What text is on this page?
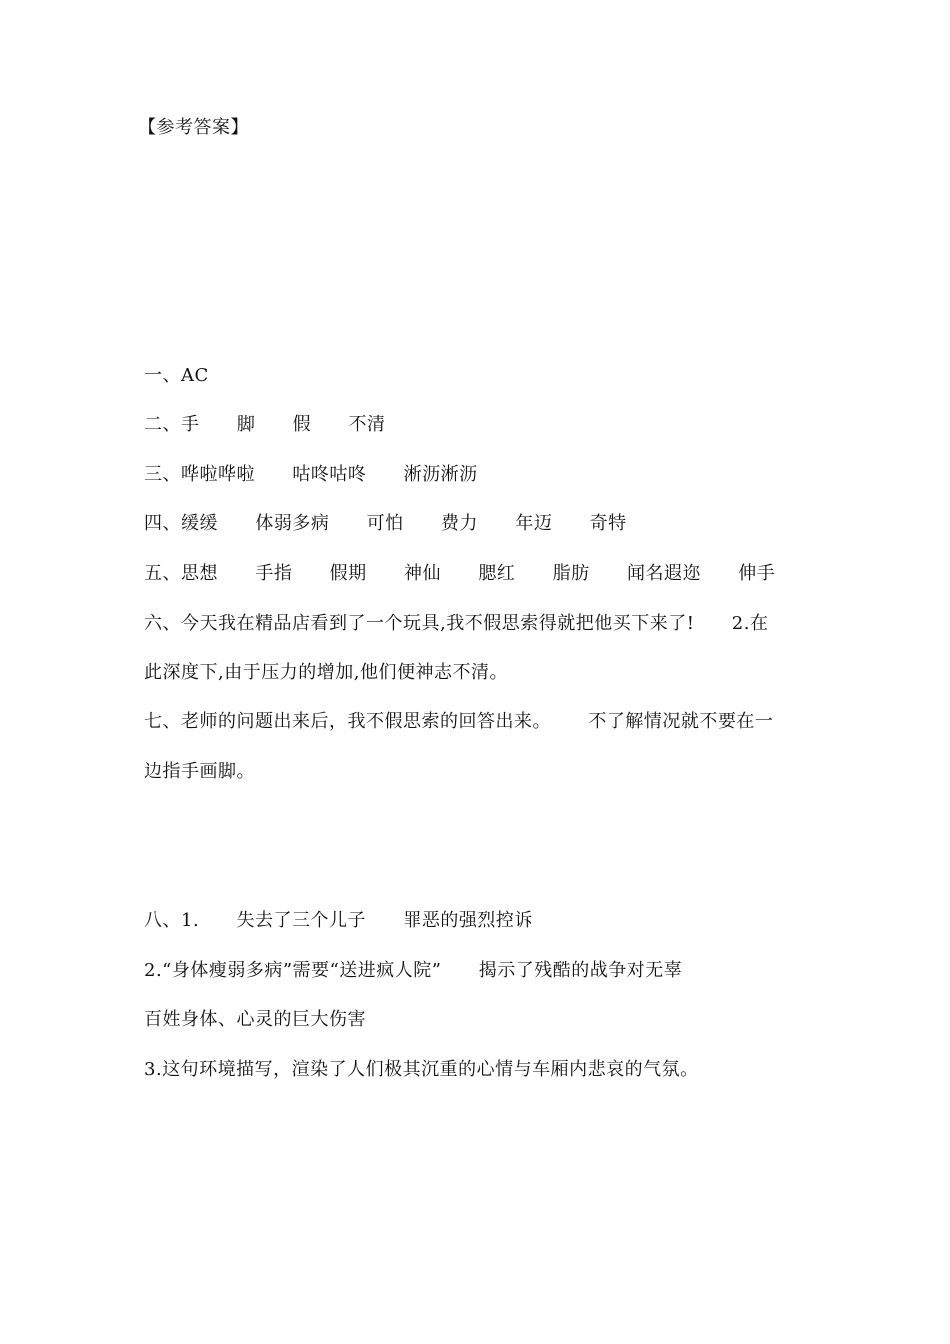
【参考答案】
一、AC
二、手      脚      假      不清
三、哗啦哗啦      咕咚咕咚      淅沥淅沥
四、缓缓      体弱多病      可怕      费力      年迈      奇特
五、思想      手指      假期      神仙      腮红      脂肪      闻名遐迩      伸手
六、今天我在精品店看到了一个玩具,我不假思索得就把他买下来了!      2.在
此深度下,由于压力的增加,他们便神志不清。
七、老师的问题出来后，我不假思索的回答出来。      不了解情况就不要在一
边指手画脚。
八、1.      失去了三个儿子      罪恶的强烈控诉
2.“身体瘦弱多病”需要“送进疯人院”      揭示了残酷的战争对无辜
百姓身体、心灵的巨大伤害
3.这句环境描写，渲染了人们极其沉重的心情与车厢内悲哀的气氛。
